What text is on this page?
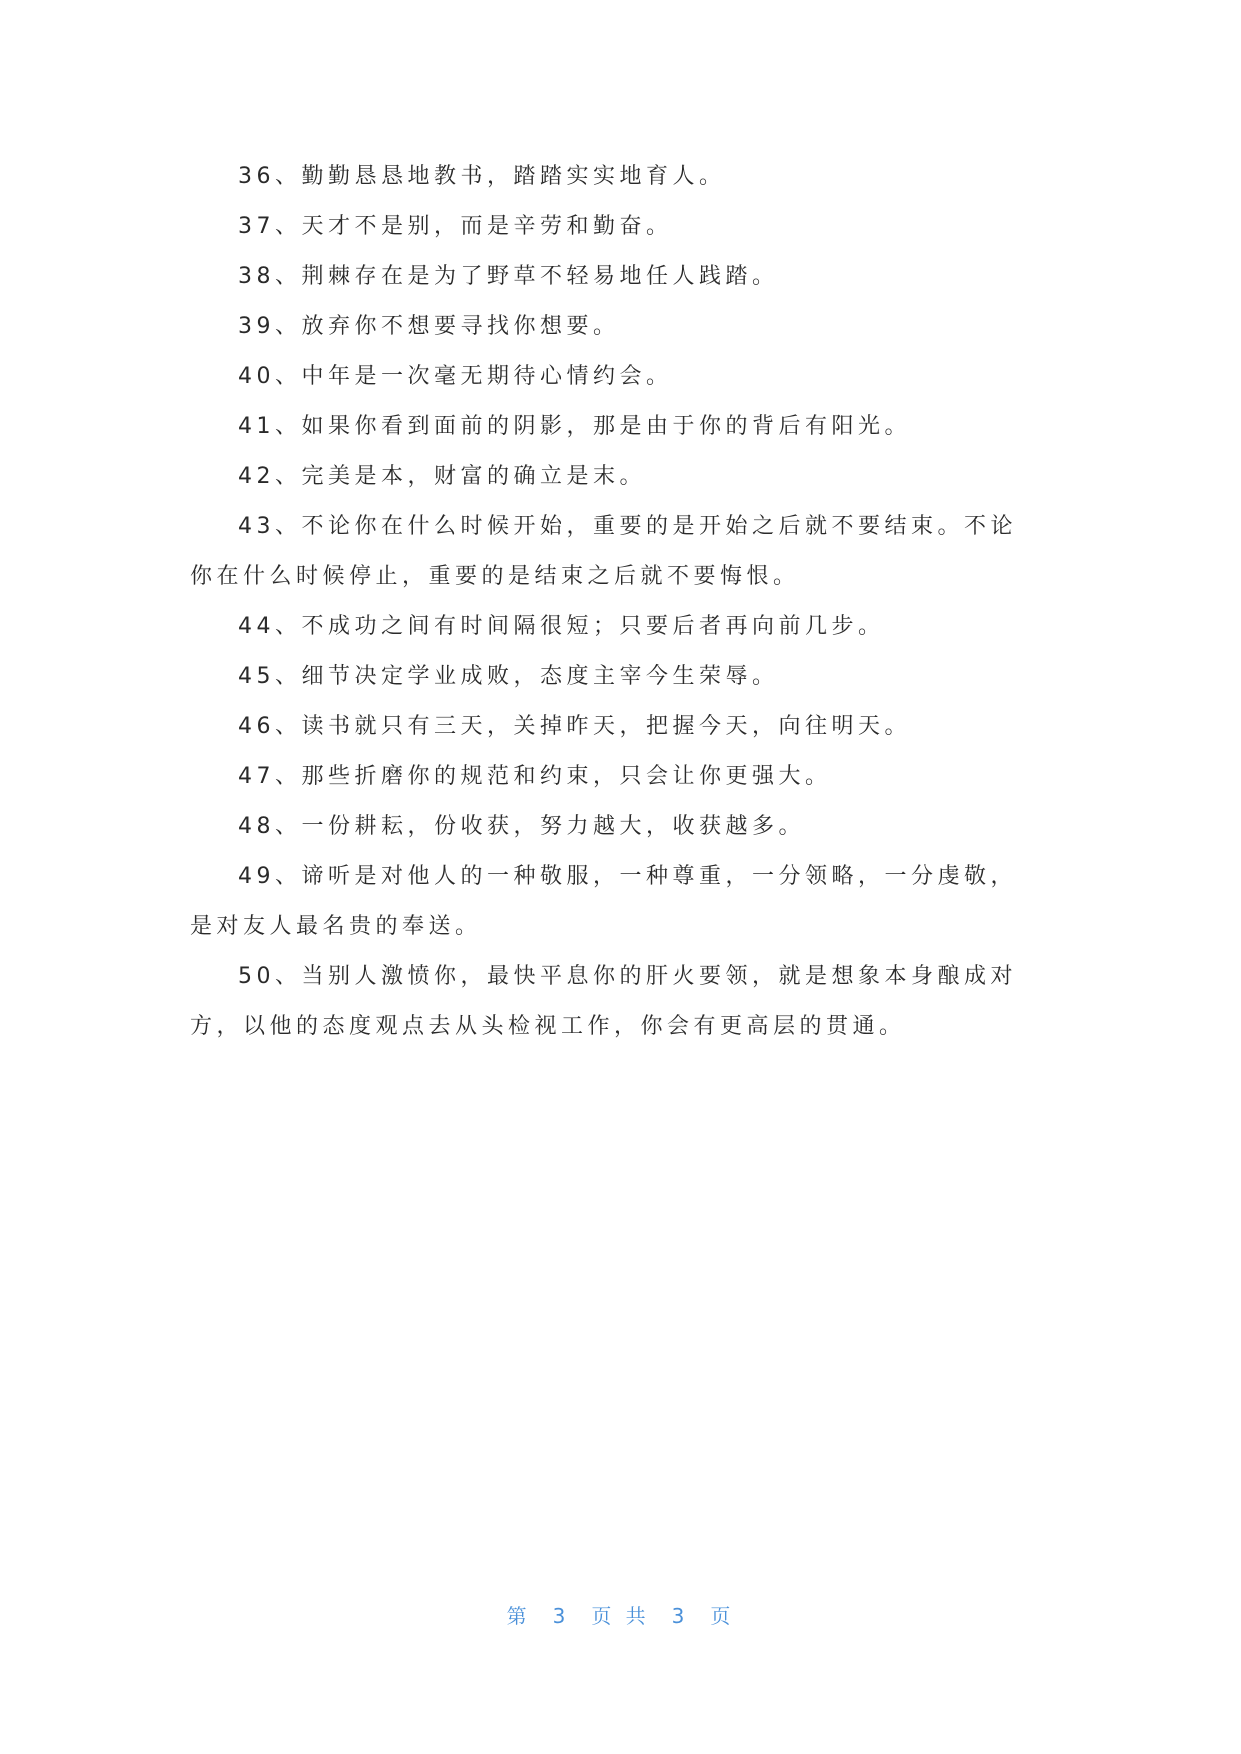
36、勤勤恳恳地教书，踏踏实实地育人。

37、天才不是别，而是辛劳和勤奋。

38、荆棘存在是为了野草不轻易地任人践踏。

39、放弃你不想要寻找你想要。

40、中年是一次毫无期待心情约会。

41、如果你看到面前的阴影，那是由于你的背后有阳光。

42、完美是本，财富的确立是末。

43、不论你在什么时候开始，重要的是开始之后就不要结束。不论你在什么时候停止，重要的是结束之后就不要悔恨。

44、不成功之间有时间隔很短；只要后者再向前几步。

45、细节决定学业成败，态度主宰今生荣辱。

46、读书就只有三天，关掉昨天，把握今天，向往明天。

47、那些折磨你的规范和约束，只会让你更强大。

48、一份耕耘，份收获，努力越大，收获越多。

49、谛听是对他人的一种敬服，一种尊重，一分领略，一分虔敬，是对友人最名贵的奉送。

50、当别人激愤你，最快平息你的肝火要领，就是想象本身酿成对方，以他的态度观点去从头检视工作，你会有更高层的贯通。

第 3 页 共 3 页
